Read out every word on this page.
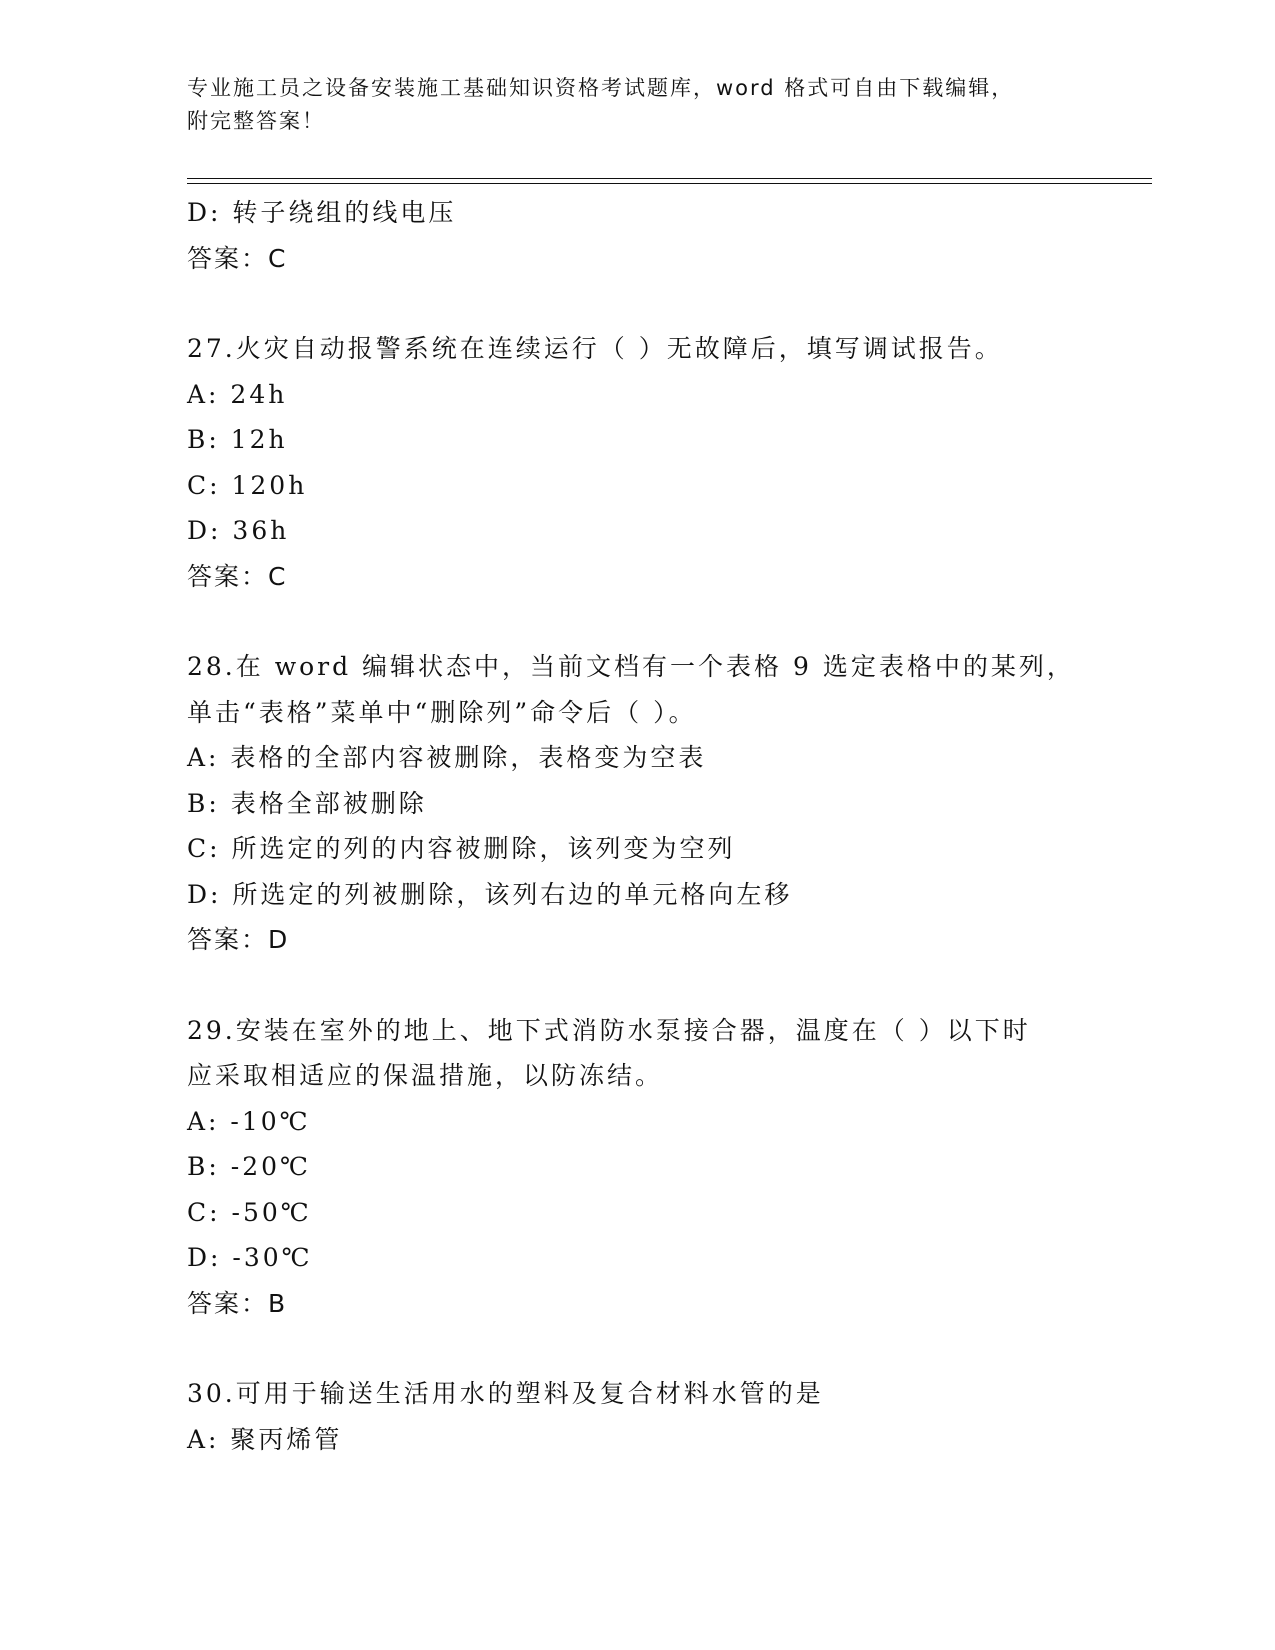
专业施工员之设备安装施工基础知识资格考试题库，word 格式可自由下载编辑，
附完整答案！
D: 转子绕组的线电压
答案：C
27.火灾自动报警系统在连续运行（ ）无故障后，填写调试报告。
A: 24h
B: 12h
C: 120h
D: 36h
答案：C
28.在 word 编辑状态中，当前文档有一个表格 9 选定表格中的某列，
单击“表格”菜单中“删除列”命令后（ ）。
A: 表格的全部内容被删除，表格变为空表
B: 表格全部被删除
C: 所选定的列的内容被删除，该列变为空列
D: 所选定的列被删除，该列右边的单元格向左移
答案：D
29.安装在室外的地上、地下式消防水泵接合器，温度在（ ）以下时
应采取相适应的保温措施，以防冻结。
A: -10℃
B: -20℃
C: -50℃
D: -30℃
答案：B
30.可用于输送生活用水的塑料及复合材料水管的是
A: 聚丙烯管
